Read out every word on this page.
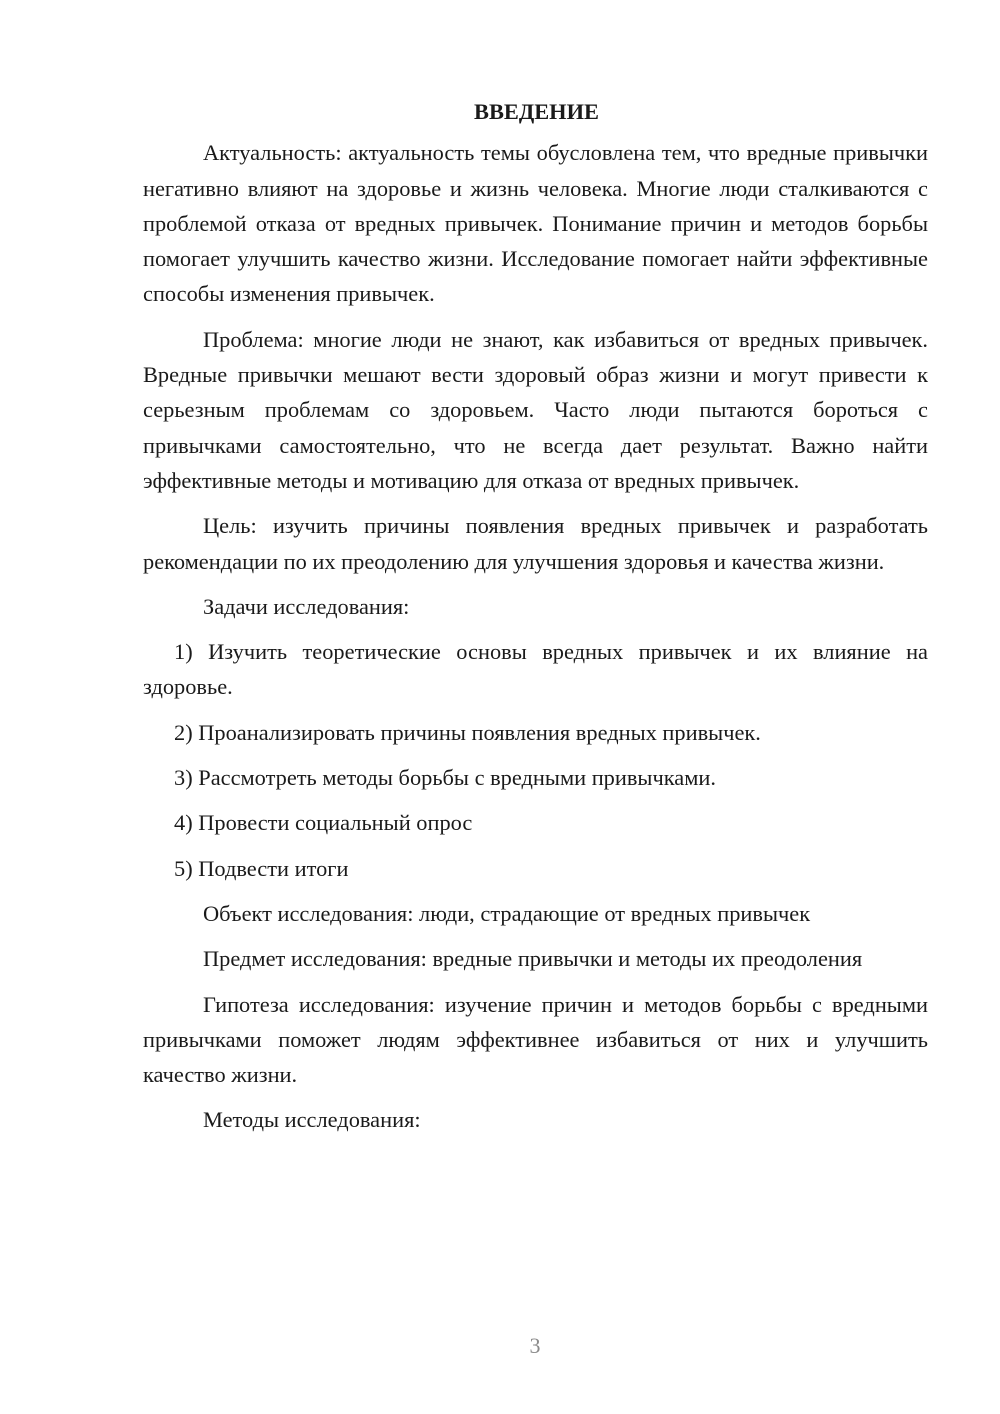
ВВЕДЕНИЕ

Актуальность: актуальность темы обусловлена тем, что вредные привычки негативно влияют на здоровье и жизнь человека. Многие люди сталкиваются с проблемой отказа от вредных привычек. Понимание причин и методов борьбы помогает улучшить качество жизни. Исследование помогает найти эффективные способы изменения привычек.

Проблема: многие люди не знают, как избавиться от вредных привычек. Вредные привычки мешают вести здоровый образ жизни и могут привести к серьезным проблемам со здоровьем. Часто люди пытаются бороться с привычками самостоятельно, что не всегда дает результат. Важно найти эффективные методы и мотивацию для отказа от вредных привычек.

Цель: изучить причины появления вредных привычек и разработать рекомендации по их преодолению для улучшения здоровья и качества жизни.

Задачи исследования:

1) Изучить теоретические основы вредных привычек и их влияние на здоровье.

2) Проанализировать причины появления вредных привычек.

3) Рассмотреть методы борьбы с вредными привычками.

4) Провести социальный опрос

5) Подвести итоги

Объект исследования: люди, страдающие от вредных привычек

Предмет исследования: вредные привычки и методы их преодоления

Гипотеза исследования: изучение причин и методов борьбы с вредными привычками поможет людям эффективнее избавиться от них и улучшить качество жизни.

Методы исследования:

3
